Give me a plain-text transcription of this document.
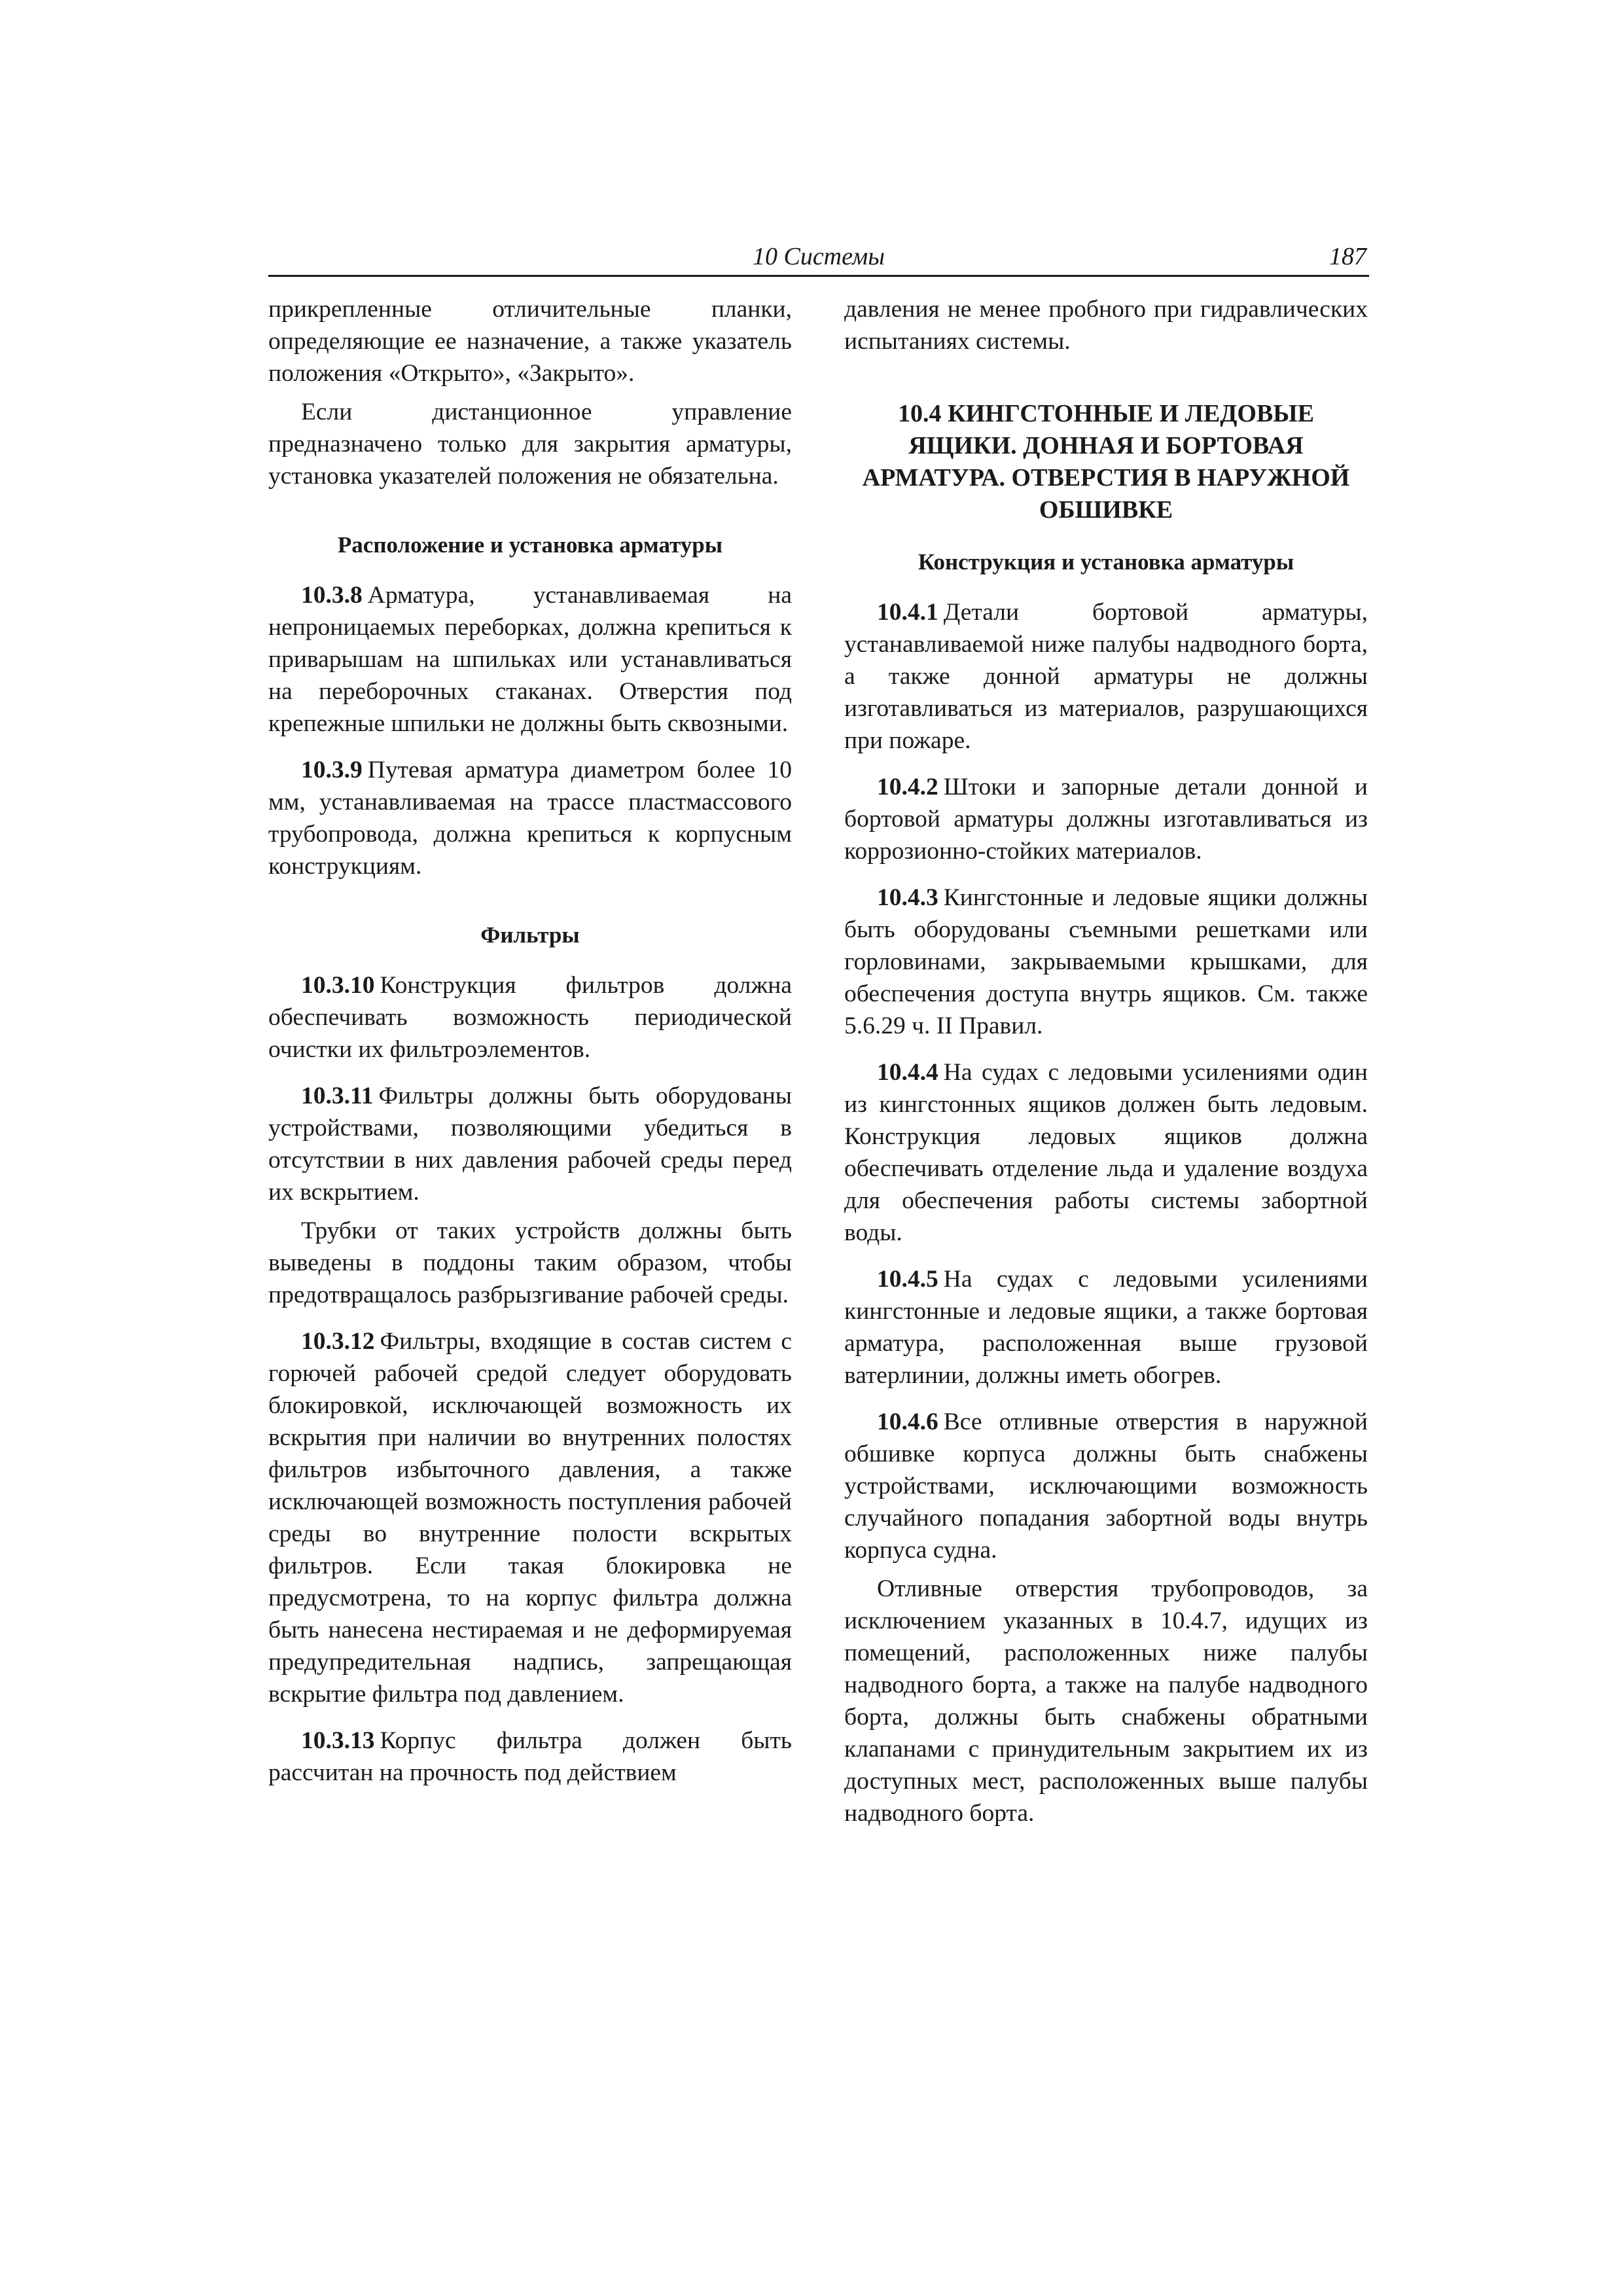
10 Системы	187

прикрепленные отличительные планки, определяющие ее назначение, а также указатель положения «Открыто», «Закрыто».

Если дистанционное управление предназначено только для закрытия арматуры, установка указателей положения не обязательна.

Расположение и установка арматуры

10.3.8 Арматура, устанавливаемая на непроницаемых переборках, должна крепиться к приварышам на шпильках или устанавливаться на переборочных стаканах. Отверстия под крепежные шпильки не должны быть сквозными.

10.3.9 Путевая арматура диаметром более 10 мм, устанавливаемая на трассе пластмассового трубопровода, должна крепиться к корпусным конструкциям.

Фильтры

10.3.10 Конструкция фильтров должна обеспечивать возможность периодической очистки их фильтроэлементов.

10.3.11 Фильтры должны быть оборудованы устройствами, позволяющими убедиться в отсутствии в них давления рабочей среды перед их вскрытием.

Трубки от таких устройств должны быть выведены в поддоны таким образом, чтобы предотвращалось разбрызгивание рабочей среды.

10.3.12 Фильтры, входящие в состав систем с горючей рабочей средой следует оборудовать блокировкой, исключающей возможность их вскрытия при наличии во внутренних полостях фильтров избыточного давления, а также исключающей возможность поступления рабочей среды во внутренние полости вскрытых фильтров. Если такая блокировка не предусмотрена, то на корпус фильтра должна быть нанесена нестираемая и не деформируемая предупредительная надпись, запрещающая вскрытие фильтра под давлением.

10.3.13 Корпус фильтра должен быть рассчитан на прочность под действием

давления не менее пробного при гидравлических испытаниях системы.

10.4 КИНГСТОННЫЕ И ЛЕДОВЫЕ ЯЩИКИ. ДОННАЯ И БОРТОВАЯ АРМАТУРА. ОТВЕРСТИЯ В НАРУЖНОЙ ОБШИВКЕ
Конструкция и установка арматуры

10.4.1 Детали бортовой арматуры, устанавливаемой ниже палубы надводного борта, а также донной арматуры не должны изготавливаться из материалов, разрушающихся при пожаре.

10.4.2 Штоки и запорные детали донной и бортовой арматуры должны изготавливаться из коррозионно-стойких материалов.

10.4.3 Кингстонные и ледовые ящики должны быть оборудованы съемными решетками или горловинами, закрываемыми крышками, для обеспечения доступа внутрь ящиков. См. также 5.6.29 ч. II Правил.

10.4.4 На судах с ледовыми усилениями один из кингстонных ящиков должен быть ледовым. Конструкция ледовых ящиков должна обеспечивать отделение льда и удаление воздуха для обеспечения работы системы забортной воды.

10.4.5 На судах с ледовыми усилениями кингстонные и ледовые ящики, а также бортовая арматура, расположенная выше грузовой ватерлинии, должны иметь обогрев.

10.4.6 Все отливные отверстия в наружной обшивке корпуса должны быть снабжены устройствами, исключающими возможность случайного попадания забортной воды внутрь корпуса судна.

Отливные отверстия трубопроводов, за исключением указанных в 10.4.7, идущих из помещений, расположенных ниже палубы надводного борта, а также на палубе надводного борта, должны быть снабжены обратными клапанами с принудительным закрытием их из доступных мест, расположенных выше палубы надводного борта.
